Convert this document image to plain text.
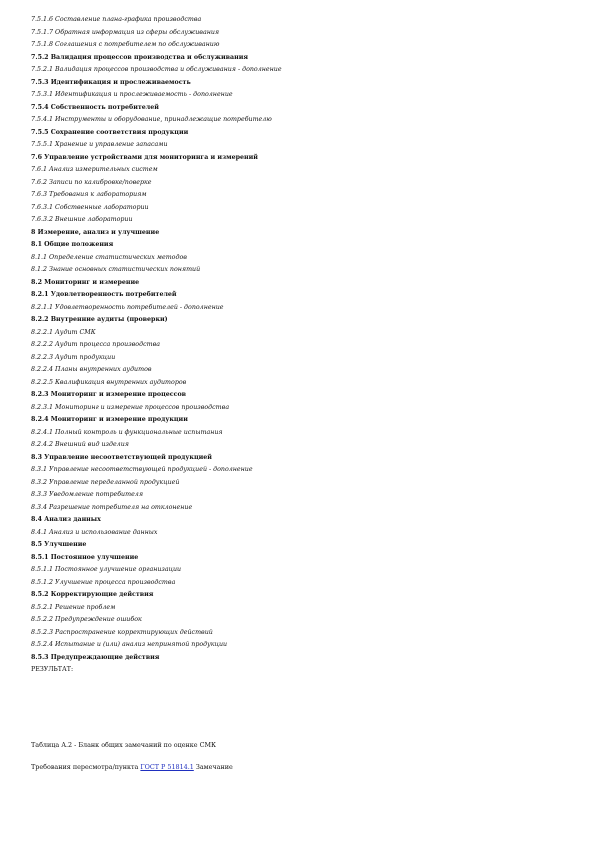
7.5.1.6 Составление плана-графика производства
7.5.1.7 Обратная информация из сферы обслуживания
7.5.1.8 Соглашения с потребителем по обслуживанию
7.5.2 Валидация процессов производства и обслуживания
7.5.2.1 Валидация процессов производства и обслуживания - дополнение
7.5.3 Идентификация и прослеживаемость
7.5.3.1 Идентификация и прослеживаемость - дополнение
7.5.4 Собственность потребителей
7.5.4.1 Инструменты и оборудование, принадлежащие потребителю
7.5.5 Сохранение соответствия продукции
7.5.5.1 Хранение и управление запасами
7.6 Управление устройствами для мониторинга и измерений
7.6.1 Анализ измерительных систем
7.6.2 Записи по калибровке/поверке
7.6.3 Требования к лабораториям
7.6.3.1 Собственные лаборатории
7.6.3.2 Внешние лаборатории
8 Измерение, анализ и улучшение
8.1 Общие положения
8.1.1 Определение статистических методов
8.1.2 Знание основных статистических понятий
8.2 Мониторинг и измерение
8.2.1 Удовлетворенность потребителей
8.2.1.1 Удовлетворенность потребителей - дополнение
8.2.2 Внутренние аудиты (проверки)
8.2.2.1 Аудит СМК
8.2.2.2 Аудит процесса производства
8.2.2.3 Аудит продукции
8.2.2.4 Планы внутренних аудитов
8.2.2.5 Квалификация внутренних аудиторов
8.2.3 Мониторинг и измерение процессов
8.2.3.1 Мониторинг и измерение процессов производства
8.2.4 Мониторинг и измерение продукции
8.2.4.1 Полный контроль и функциональные испытания
8.2.4.2 Внешний вид изделия
8.3 Управление несоответствующей продукцией
8.3.1 Управление несоответствующей продукцией - дополнение
8.3.2 Управление переделанной продукцией
8.3.3 Уведомление потребителя
8.3.4 Разрешение потребителя на отклонение
8.4 Анализ данных
8.4.1 Анализ и использование данных
8.5 Улучшение
8.5.1 Постоянное улучшение
8.5.1.1 Постоянное улучшение организации
8.5.1.2 Улучшение процесса производства
8.5.2 Корректирующие действия
8.5.2.1 Решение проблем
8.5.2.2 Предупреждение ошибок
8.5.2.3 Распространение корректирующих действий
8.5.2.4 Испытание и (или) анализ непринятой продукции
8.5.3 Предупреждающие действия
РЕЗУЛЬТАТ:
Таблица А.2 - Бланк общих замечаний по оценке СМК
Требования пересмотра/пункта ГОСТ Р 51814.1 Замечание
